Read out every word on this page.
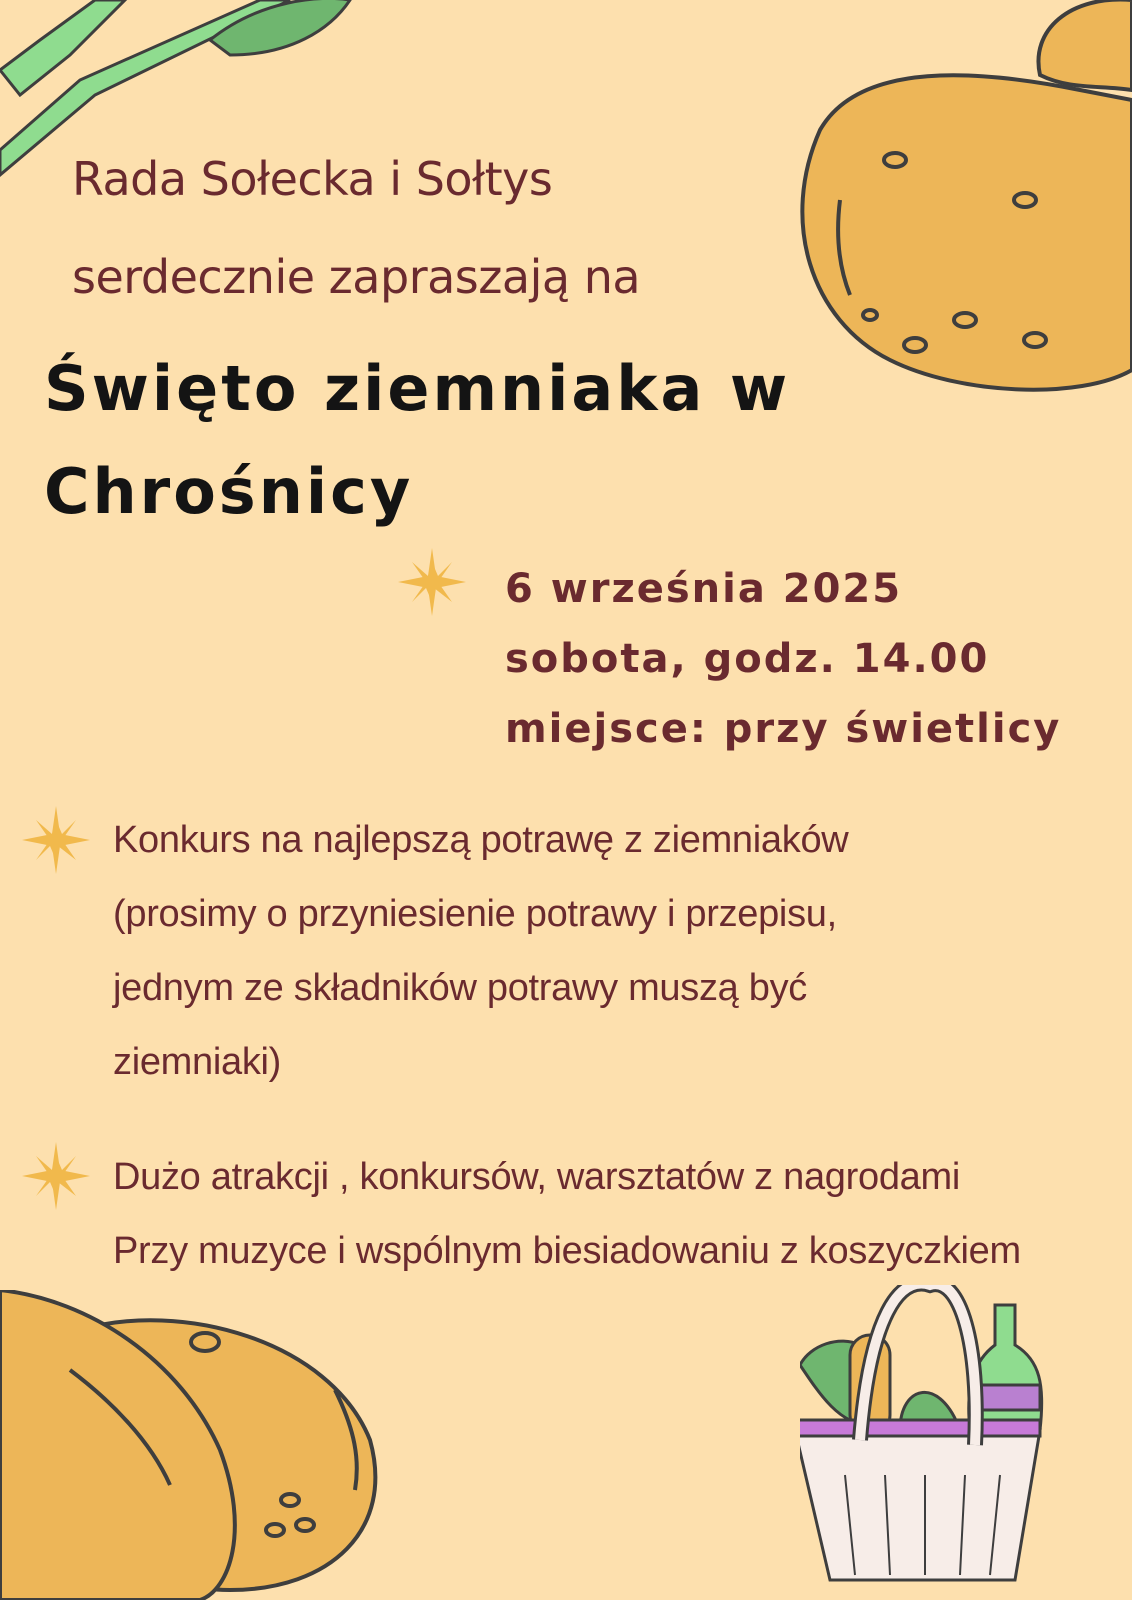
Rada Sołecka i Sołtys
serdecznie zapraszają na
Święto ziemniaka w
Chrośnicy
6 września 2025
sobota, godz. 14.00
miejsce: przy świetlicy
Konkurs na najlepszą potrawę z ziemniaków
(prosimy o przyniesienie potrawy i przepisu,
jednym ze składników potrawy muszą być
ziemniaki)
Dużo atrakcji , konkursów, warsztatów z nagrodami
Przy muzyce i wspólnym biesiadowaniu z koszyczkiem
